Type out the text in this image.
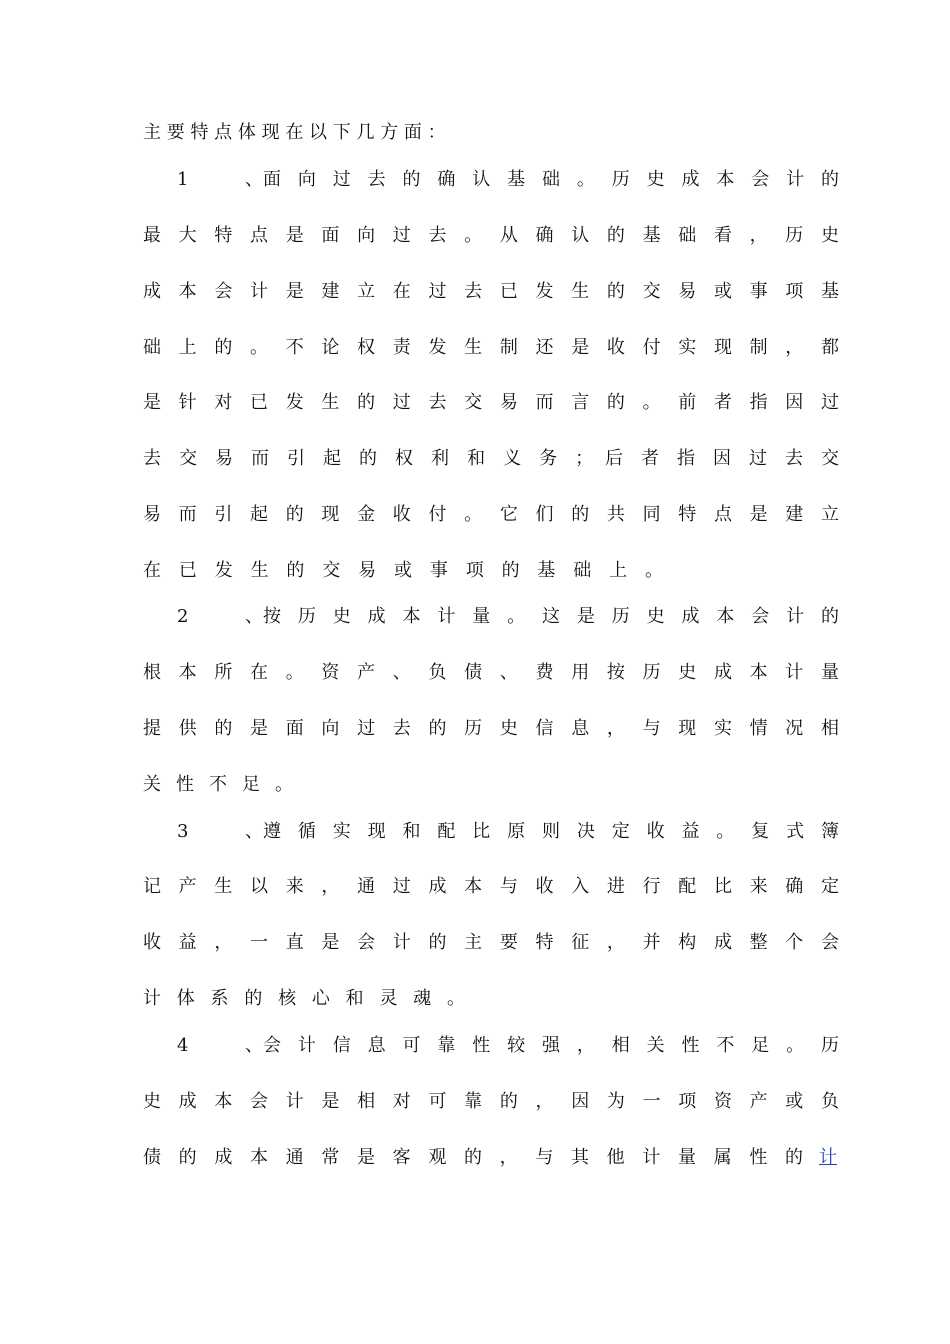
主 要 特 点 体 现 在 以 下 几 方 面 ：
1、面 向 过 去 的 确 认 基 础 。 历 史 成 本 会 计 的
最 大 特 点 是 面 向 过 去 。 从 确 认 的 基 础 看 ， 历 史
成 本 会 计 是 建 立 在 过 去 已 发 生 的 交 易 或 事 项 基
础 上 的 。 不 论 权 责 发 生 制 还 是 收 付 实 现 制 ， 都
是 针 对 已 发 生 的 过 去 交 易 而 言 的 。 前 者 指 因 过
去 交 易 而 引 起 的 权 利 和 义 务 ； 后 者 指 因 过 去 交
易 而 引 起 的 现 金 收 付 。 它 们 的 共 同 特 点 是 建 立
在 已 发 生 的 交 易 或 事 项 的 基 础 上 。
2、按 历 史 成 本 计 量 。 这 是 历 史 成 本 会 计 的
根 本 所 在 。 资 产 、 负 债 、 费 用 按 历 史 成 本 计 量
提 供 的 是 面 向 过 去 的 历 史 信 息 ， 与 现 实 情 况 相
关 性 不 足 。
3、遵 循 实 现 和 配 比 原 则 决 定 收 益 。 复 式 簿
记 产 生 以 来 ， 通 过 成 本 与 收 入 进 行 配 比 来 确 定
收 益 ， 一 直 是 会 计 的 主 要 特 征 ， 并 构 成 整 个 会
计 体 系 的 核 心 和 灵 魂 。
4、会 计 信 息 可 靠 性 较 强 ， 相 关 性 不 足 。 历
史 成 本 会 计 是 相 对 可 靠 的 ， 因 为 一 项 资 产 或 负
债 的 成 本 通 常 是 客 观 的 ， 与 其 他 计 量 属 性 的 计
